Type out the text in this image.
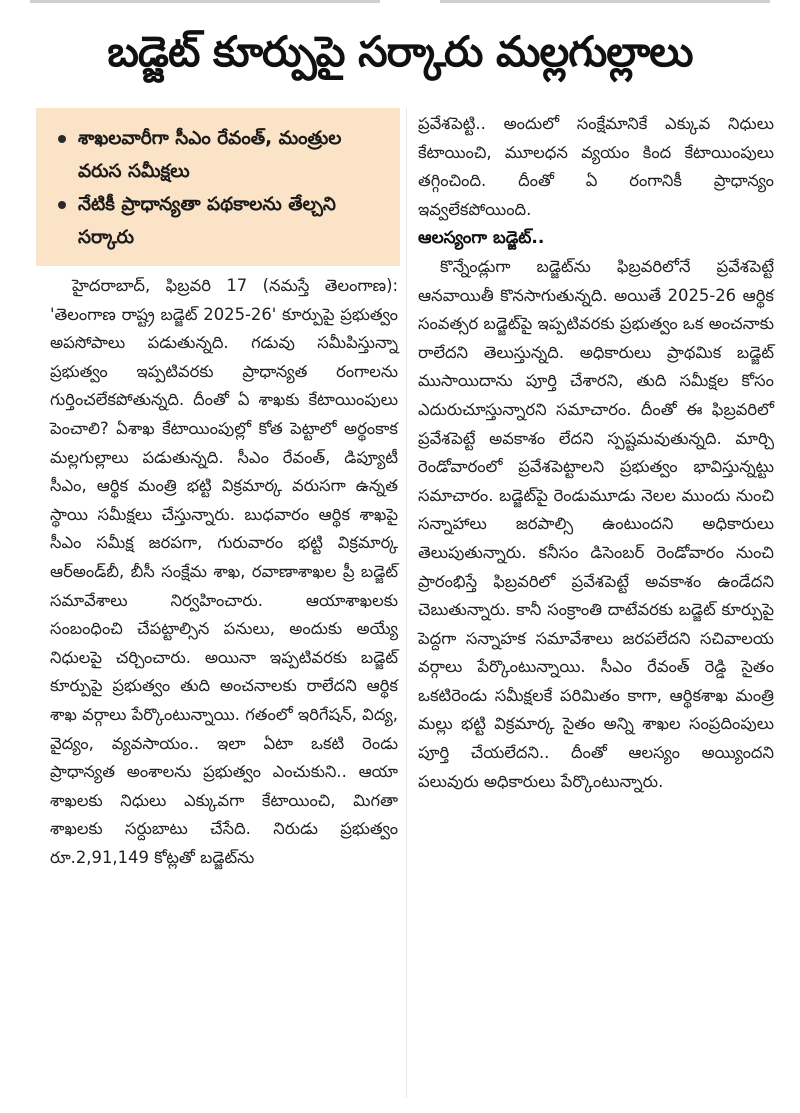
బడ్జెట్ కూర్పుపై సర్కారు మల్లగుల్లాలు
శాఖలవారీగా సీఎం రేవంత్, మంత్రుల వరుస సమీక్షలు
నేటికీ ప్రాధాన్యతా పథకాలను తేల్చని సర్కారు

హైదరాబాద్, ఫిబ్రవరి 17 (నమస్తే తెలంగాణ): 'తెలంగాణ రాష్ట్ర బడ్జెట్ 2025-26' కూర్పుపై ప్రభుత్వం అపసోపాలు పడుతున్నది. గడువు సమీపిస్తున్నా ప్రభుత్వం ఇప్పటివరకు ప్రాధాన్యత రంగాలను గుర్తించలేకపోతున్నది. దీంతో ఏ శాఖకు కేటాయింపులు పెంచాలి? ఏశాఖ కేటాయింపుల్లో కోత పెట్టాలో అర్థంకాక మల్లగుల్లాలు పడుతున్నది. సీఎం రేవంత్, డిప్యూటీ సీఎం, ఆర్థిక మంత్రి భట్టి విక్రమార్క వరుసగా ఉన్నత స్థాయి సమీక్షలు చేస్తున్నారు. బుధవారం ఆర్థిక శాఖపై సీఎం సమీక్ష జరపగా, గురువారం భట్టి విక్రమార్క ఆర్‌అండ్‌బీ, బీసీ సంక్షేమ శాఖ, రవాణాశాఖల ప్రీ బడ్జెట్ సమావేశాలు నిర్వహించారు. ఆయాశాఖలకు సంబంధించి చేపట్టాల్సిన పనులు, అందుకు అయ్యే నిధులపై చర్చించారు. అయినా ఇప్పటివరకు బడ్జెట్ కూర్పుపై ప్రభుత్వం తుది అంచనాలకు రాలేదని ఆర్థిక శాఖ వర్గాలు పేర్కొంటున్నాయి. గతంలో ఇరిగేషన్, విద్య, వైద్యం, వ్యవసాయం.. ఇలా ఏటా ఒకటి రెండు ప్రాధాన్యత అంశాలను ప్రభుత్వం ఎంచుకుని.. ఆయా శాఖలకు నిధులు ఎక్కువగా కేటాయించి, మిగతా శాఖలకు సర్దుబాటు చేసేది. నిరుడు ప్రభుత్వం రూ.2,91,149 కోట్లతో బడ్జెట్‌ను

ప్రవేశపెట్టి.. అందులో సంక్షేమానికే ఎక్కువ నిధులు కేటాయించి, మూలధన వ్యయం కింద కేటాయింపులు తగ్గించింది. దీంతో ఏ రంగానికీ ప్రాధాన్యం ఇవ్వలేకపోయింది.

ఆలస్యంగా బడ్జెట్..

కొన్నేండ్లుగా బడ్జెట్‌ను ఫిబ్రవరిలోనే ప్రవేశపెట్టే ఆనవాయితీ కొనసాగుతున్నది. అయితే 2025-26 ఆర్థిక సంవత్సర బడ్జెట్‌పై ఇప్పటివరకు ప్రభుత్వం ఒక అంచనాకు రాలేదని తెలుస్తున్నది. అధికారులు ప్రాథమిక బడ్జెట్ ముసాయిదాను పూర్తి చేశారని, తుది సమీక్షల కోసం ఎదురుచూస్తున్నారని సమాచారం. దీంతో ఈ ఫిబ్రవరిలో ప్రవేశపెట్టే అవకాశం లేదని స్పష్టమవుతున్నది. మార్చి రెండోవారంలో ప్రవేశపెట్టాలని ప్రభుత్వం భావిస్తున్నట్టు సమాచారం. బడ్జెట్‌పై రెండుమూడు నెలల ముందు నుంచి సన్నాహాలు జరపాల్సి ఉంటుందని అధికారులు తెలుపుతున్నారు. కనీసం డిసెంబర్ రెండోవారం నుంచి ప్రారంభిస్తే ఫిబ్రవరిలో ప్రవేశపెట్టే అవకాశం ఉండేదని చెబుతున్నారు. కానీ సంక్రాంతి దాటేవరకు బడ్జెట్ కూర్పుపై పెద్దగా సన్నాహక సమావేశాలు జరపలేదని సచివాలయ వర్గాలు పేర్కొంటున్నాయి. సీఎం రేవంత్ రెడ్డి సైతం ఒకటిరెండు సమీక్షలకే పరిమితం కాగా, ఆర్థికశాఖ మంత్రి మల్లు భట్టి విక్రమార్క సైతం అన్ని శాఖల సంప్రదింపులు పూర్తి చేయలేదని.. దీంతో ఆలస్యం అయ్యిందని పలువురు అధికారులు పేర్కొంటున్నారు.
